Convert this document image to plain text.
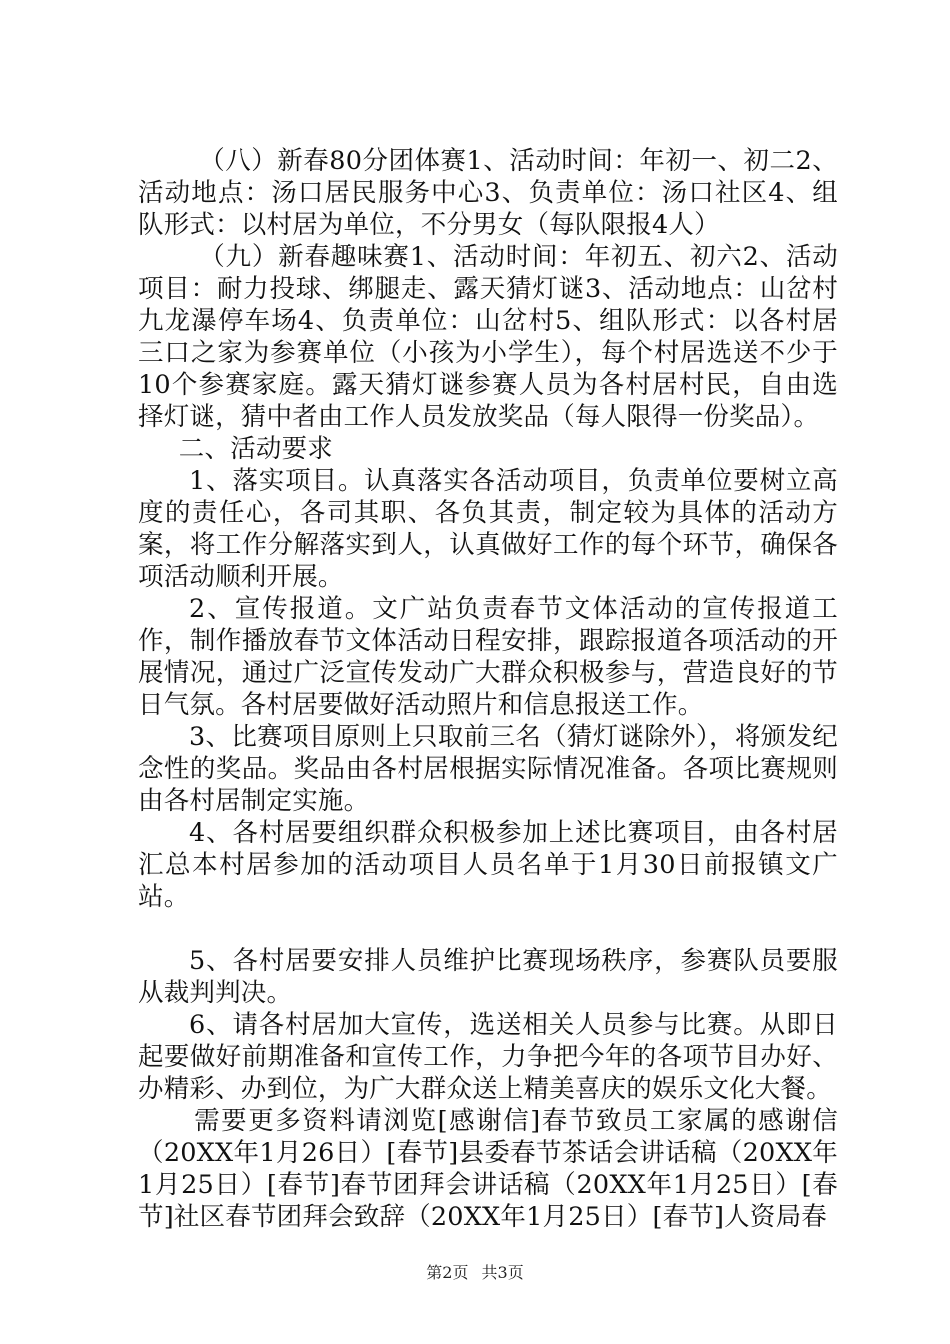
（八）新春80分团体赛1、活动时间：年初一、初二2、活动地点：汤口居民服务中心3、负责单位：汤口社区4、组队形式：以村居为单位，不分男女（每队限报4人）

（九）新春趣味赛1、活动时间：年初五、初六2、活动项目：耐力投球、绑腿走、露天猜灯谜3、活动地点：山岔村九龙瀑停车场4、负责单位：山岔村5、组队形式：以各村居三口之家为参赛单位（小孩为小学生），每个村居选送不少于10个参赛家庭。露天猜灯谜参赛人员为各村居村民，自由选择灯谜，猜中者由工作人员发放奖品（每人限得一份奖品）。

二、活动要求

1、落实项目。认真落实各活动项目，负责单位要树立高度的责任心，各司其职、各负其责，制定较为具体的活动方案，将工作分解落实到人，认真做好工作的每个环节，确保各项活动顺利开展。

2、宣传报道。文广站负责春节文体活动的宣传报道工作，制作播放春节文体活动日程安排，跟踪报道各项活动的开展情况，通过广泛宣传发动广大群众积极参与，营造良好的节日气氛。各村居要做好活动照片和信息报送工作。

3、比赛项目原则上只取前三名（猜灯谜除外），将颁发纪念性的奖品。奖品由各村居根据实际情况准备。各项比赛规则由各村居制定实施。

4、各村居要组织群众积极参加上述比赛项目，由各村居汇总本村居参加的活动项目人员名单于1月30日前报镇文广站。

5、各村居要安排人员维护比赛现场秩序，参赛队员要服从裁判判决。

6、请各村居加大宣传，选送相关人员参与比赛。从即日起要做好前期准备和宣传工作，力争把今年的各项节目办好、办精彩、办到位，为广大群众送上精美喜庆的娱乐文化大餐。

需要更多资料请浏览[感谢信]春节致员工家属的感谢信（20XX年1月26日）[春节]县委春节茶话会讲话稿（20XX年1月25日）[春节]春节团拜会讲话稿（20XX年1月25日）[春节]社区春节团拜会致辞（20XX年1月25日）[春节]人资局春

第2页 共3页
